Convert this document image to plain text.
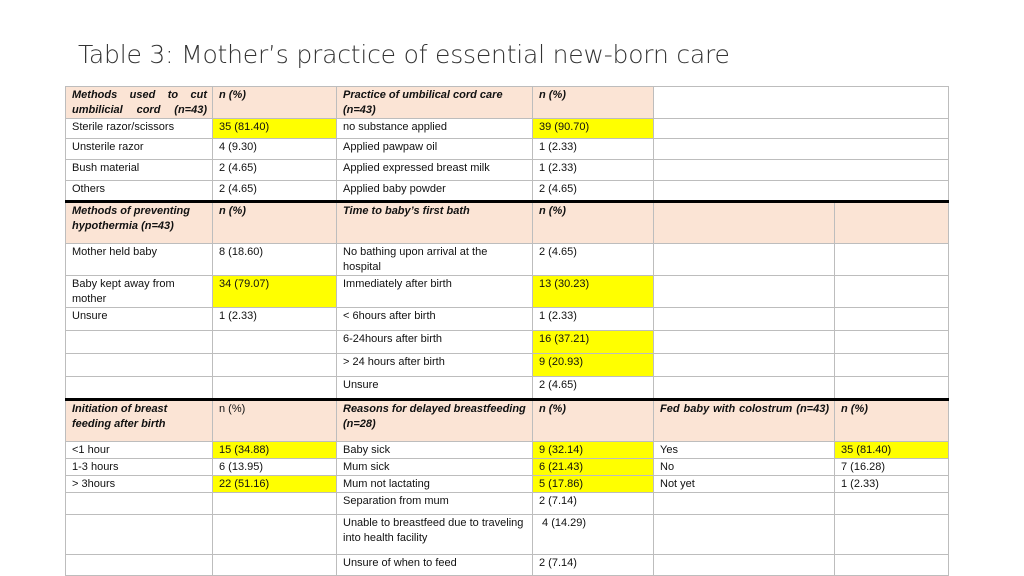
Table 3: Mother’s practice of essential new-born care
Methods used to cut umbilicial cord (n=43)	n (%)	Practice of umbilical cord care (n=43)	n (%)		
Sterile razor/scissors	35 (81.40)	no substance applied	39 (90.70)		
Unsterile razor	4 (9.30)	Applied pawpaw oil	1 (2.33)		
Bush material	2 (4.65)	Applied expressed breast milk	1 (2.33)		
Others	2 (4.65)	Applied baby powder	2 (4.65)		
Methods of preventing hypothermia (n=43)	n (%)	Time to baby’s first bath	n (%)		
Mother held baby	8 (18.60)	No bathing upon arrival at the hospital	2 (4.65)		
Baby kept away from mother	34 (79.07)	Immediately after birth	13 (30.23)		
Unsure	1 (2.33)	< 6hours after birth	1 (2.33)		
		6-24hours after birth	16 (37.21)		
		> 24 hours after birth	9 (20.93)		
		Unsure	2 (4.65)		
Initiation of breast feeding after birth	n (%)	Reasons for delayed breastfeeding (n=28)	n (%)	Fed baby with colostrum (n=43)	n (%)
<1 hour	15 (34.88)	Baby sick	9 (32.14)	Yes	35 (81.40)
1-3 hours	6 (13.95)	Mum sick	6 (21.43)	No	7 (16.28)
> 3hours	22 (51.16)	Mum not lactating	5 (17.86)	Not yet	1 (2.33)
		Separation from mum	2 (7.14)		
		Unable to breastfeed due to traveling into health facility	4 (14.29)		
		Unsure of when to feed	2 (7.14)		
